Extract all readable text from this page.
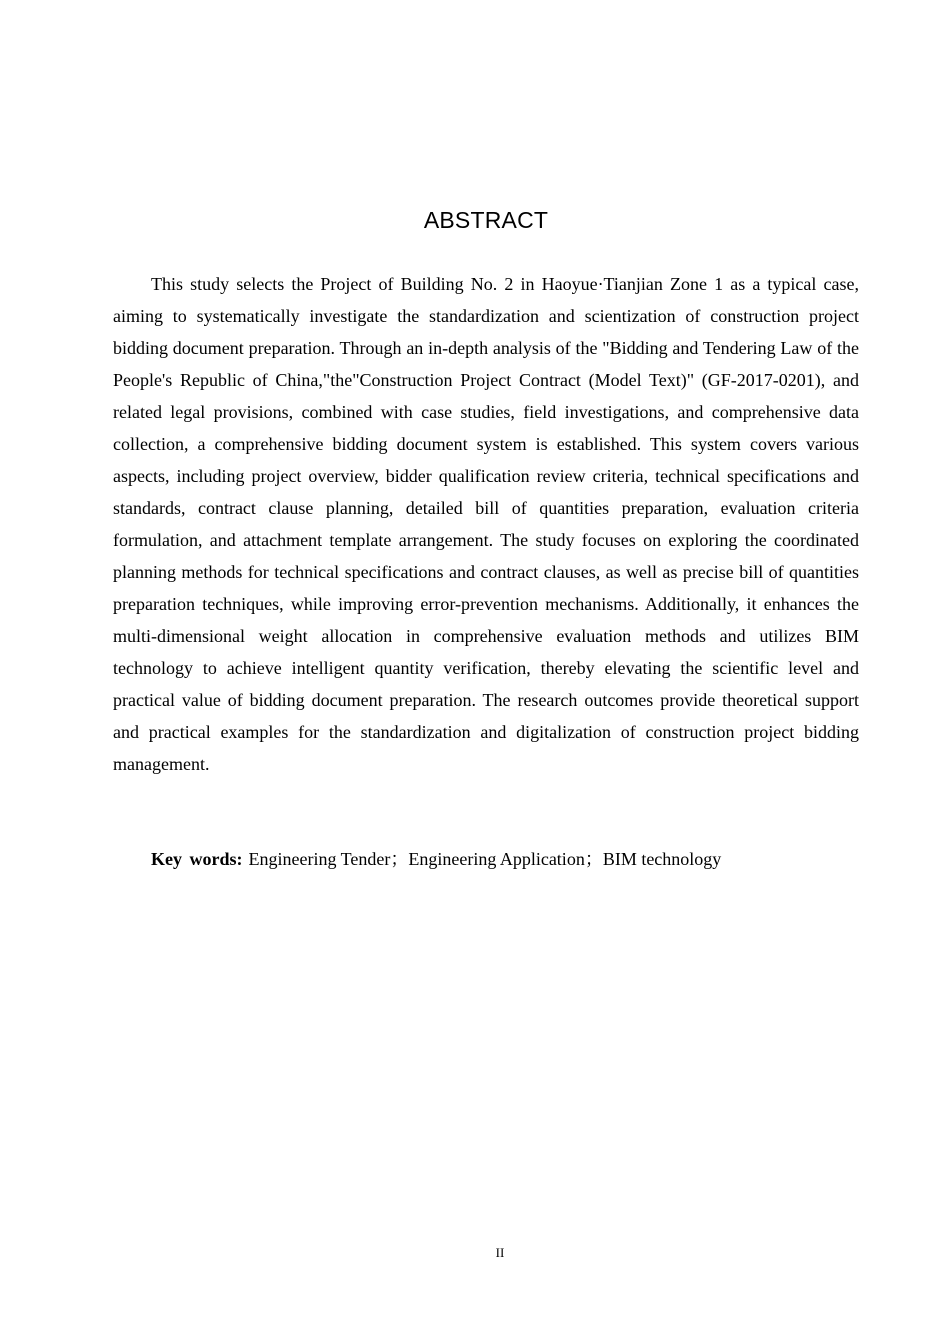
ABSTRACT

This study selects the Project of Building No. 2 in Haoyue·Tianjian Zone 1 as a typical case, aiming to systematically investigate the standardization and scientization of construction project bidding document preparation. Through an in-depth analysis of the "Bidding and Tendering Law of the People's Republic of China,"the"Construction Project Contract (Model Text)" (GF-2017-0201), and related legal provisions, combined with case studies, field investigations, and comprehensive data collection, a comprehensive bidding document system is established. This system covers various aspects, including project overview, bidder qualification review criteria, technical specifications and standards, contract clause planning, detailed bill of quantities preparation, evaluation criteria formulation, and attachment template arrangement. The study focuses on exploring the coordinated planning methods for technical specifications and contract clauses, as well as precise bill of quantities preparation techniques, while improving error-prevention mechanisms. Additionally, it enhances the multi-dimensional weight allocation in comprehensive evaluation methods and utilizes BIM technology to achieve intelligent quantity verification, thereby elevating the scientific level and practical value of bidding document preparation. The research outcomes provide theoretical support and practical examples for the standardization and digitalization of construction project bidding management.

Key words: Engineering Tender；Engineering Application；BIM technology

II
